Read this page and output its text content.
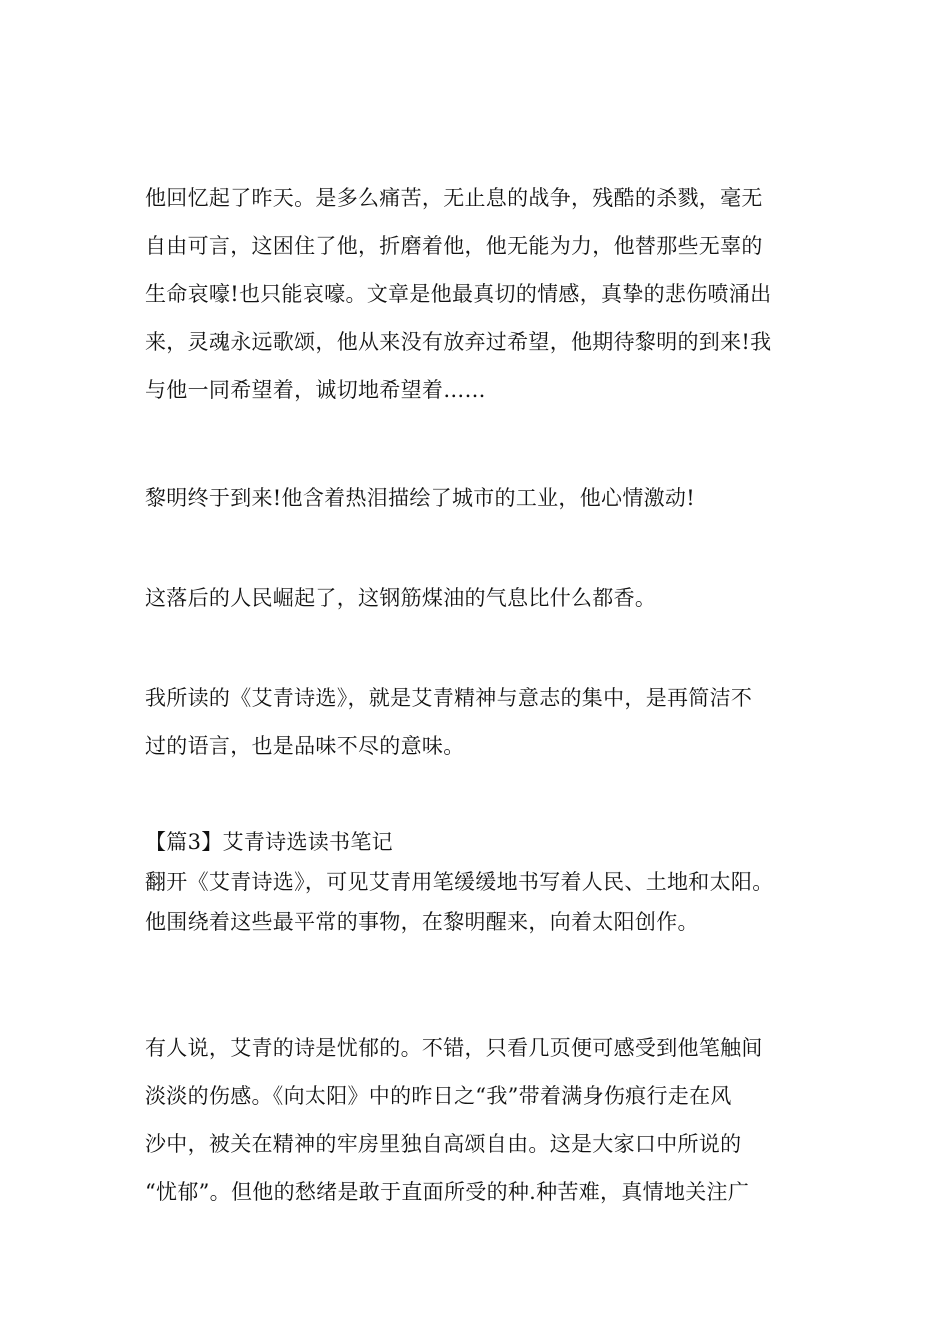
他回忆起了昨天。是多么痛苦，无止息的战争，残酷的杀戮，毫无
自由可言，这困住了他，折磨着他，他无能为力，他替那些无辜的
生命哀嚎!也只能哀嚎。文章是他最真切的情感，真挚的悲伤喷涌出
来，灵魂永远歌颂，他从来没有放弃过希望，他期待黎明的到来!我
与他一同希望着，诚切地希望着……
黎明终于到来!他含着热泪描绘了城市的工业，他心情激动!
这落后的人民崛起了，这钢筋煤油的气息比什么都香。
我所读的《艾青诗选》，就是艾青精神与意志的集中，是再简洁不
过的语言，也是品味不尽的意味。
【篇3】艾青诗选读书笔记
翻开《艾青诗选》，可见艾青用笔缓缓地书写着人民、土地和太阳。
他围绕着这些最平常的事物，在黎明醒来，向着太阳创作。
有人说，艾青的诗是忧郁的。不错，只看几页便可感受到他笔触间
淡淡的伤感。《向太阳》中的昨日之“我”带着满身伤痕行走在风
沙中，被关在精神的牢房里独自高颂自由。这是大家口中所说的
“忧郁”。但他的愁绪是敢于直面所受的种.种苦难，真情地关注广
